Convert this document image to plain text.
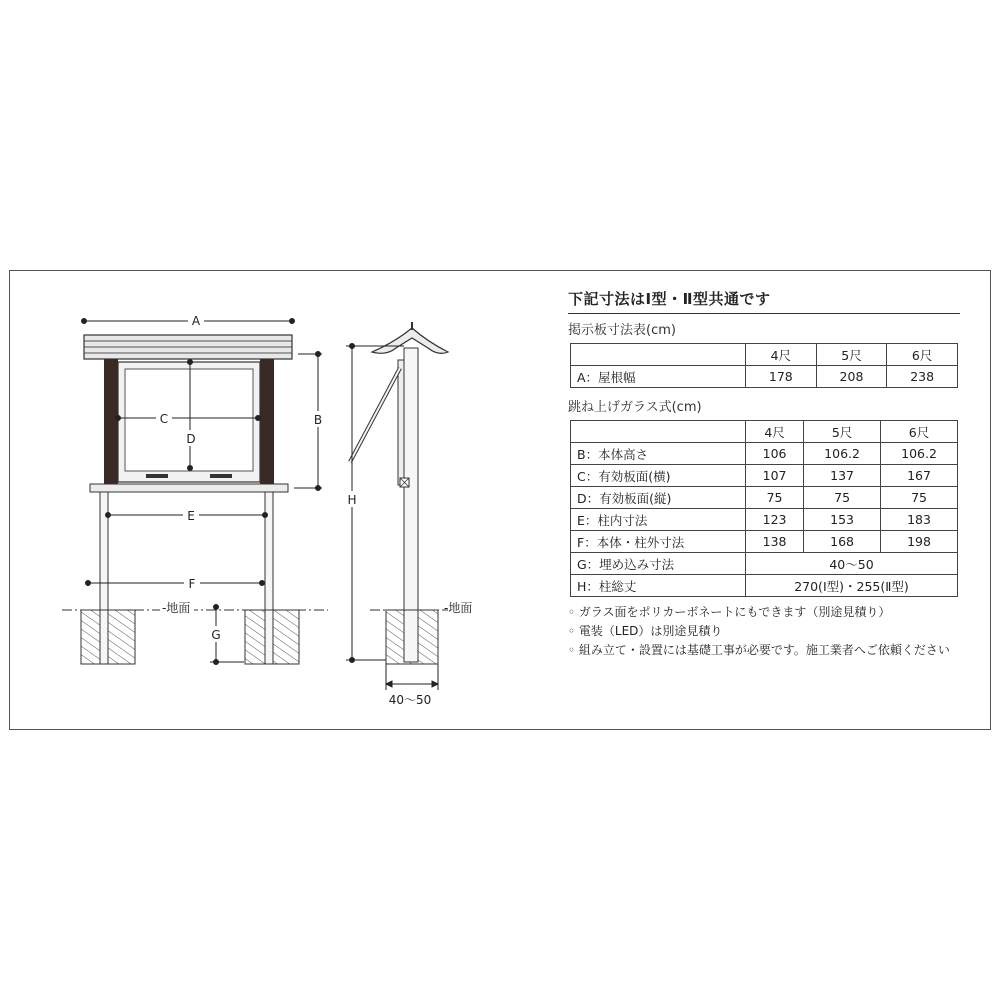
A
B
C
D
E
F
G
-地面
H
-地面
40～50
下記寸法はⅠ型・Ⅱ型共通です
掲示板寸法表(cm)
	4尺	5尺	6尺
A：屋根幅	178	208	238
跳ね上げガラス式(cm)
	4尺	5尺	6尺
B：本体高さ	106	106.2	106.2
C：有効板面(横)	107	137	167
D：有効板面(縦)	75	75	75
E：柱内寸法	123	153	183
F：本体・柱外寸法	138	168	198
G：埋め込み寸法	40～50		
H：柱総丈	270(Ⅰ型)・255(Ⅱ型)		
◦ ガラス面をポリカーボネートにもできます（別途見積り）
◦ 電装（LED）は別途見積り
◦ 組み立て・設置には基礎工事が必要です。施工業者へご依頼ください
